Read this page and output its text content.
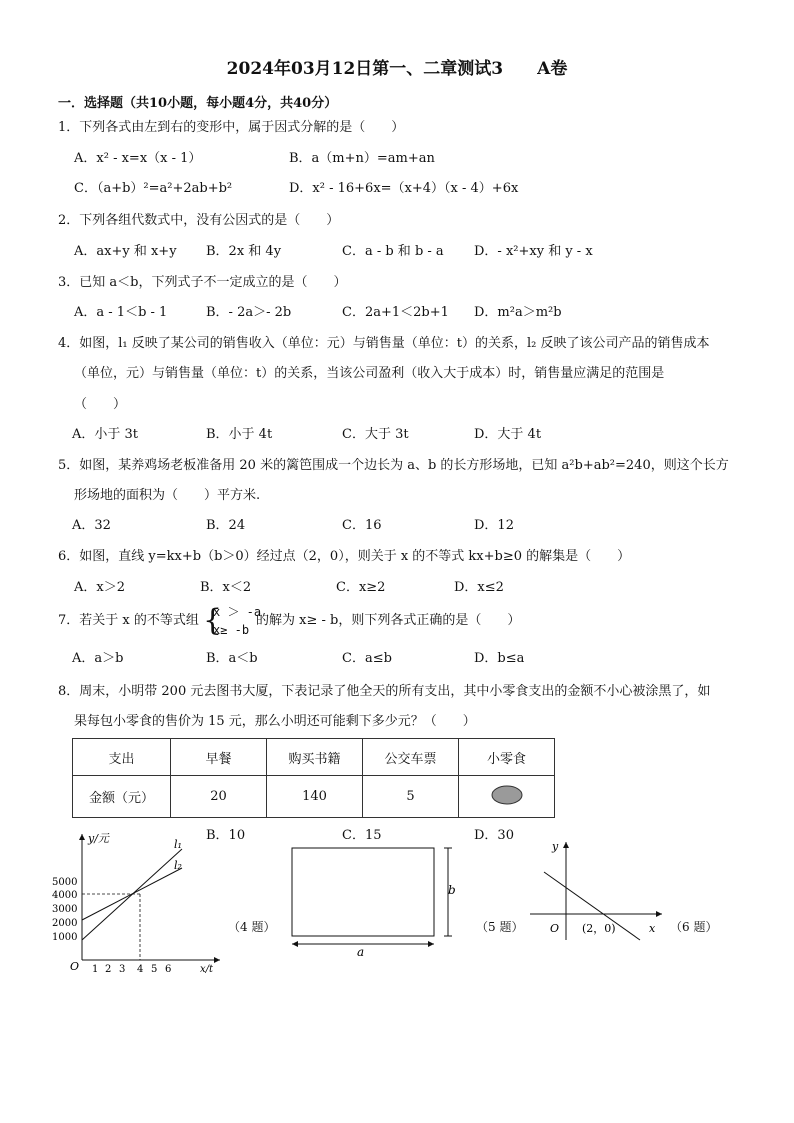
2024年03月12日第一、二章测试3　　A卷
一．选择题（共10小题，每小题4分，共40分）
1．下列各式由左到右的变形中，属于因式分解的是（　　）
A．x² - x=x（x - 1）	B．a（m+n）=am+an
C．（a+b）²=a²+2ab+b²	D．x² - 16+6x=（x+4）（x - 4）+6x
2．下列各组代数式中，没有公因式的是（　　）
A．ax+y 和 x+y B．2x 和 4y	C．a - b 和 b - a D．- x²+xy 和 y - x
3．已知 a＜b，下列式子不一定成立的是（　　）
A．a - 1＜b - 1	B．- 2a＞- 2b	C．2a+1＜2b+1 D．m²a＞m²b
4．如图，l₁ 反映了某公司的销售收入（单位：元）与销售量（单位：t）的关系，l₂ 反映了该公司产品的销售成本
（单位，元）与销售量（单位：t）的关系，当该公司盈利（收入大于成本）时，销售量应满足的范围是
（　　）
A．小于 3t	B．小于 4t	C．大于 3t	D．大于 4t
5．如图，某养鸡场老板准备用 20 米的篱笆围成一个边长为 a、b 的长方形场地，已知 a²b+ab²=240，则这个长方
形场地的面积为（　　）平方米.
A．32	B．24	C．16	D．12
6．如图，直线 y=kx+b（b＞0）经过点（2，0），则关于 x 的不等式 kx+b≥0 的解集是（　　）
A．x＞2	B．x＜2	C．x≥2	D．x≤2
7．若关于 x 的不等式组 {
x ＞ -a
x≥ -b
的解为 x≥ - b，则下列各式正确的是（　　）
A．a＞b	B．a＜b	C．a≤b	D．b≤a
8．周末，小明带 200 元去图书大厦，下表记录了他全天的所有支出，其中小零食支出的金额不小心被涂黑了，如
果每包小零食的售价为 15 元，那么小明还可能剩下多少元？（　　）
支出	早餐	购买书籍	公交车票	小零食
金额（元）	20	140	5	
B．10	C．15	D．30
y/元
x/t
O
l₁
l₂
5000
4000
3000
2000
1000
1 2 3 4 5 6
（4 题）
b
a
（5 题）
y
x
O (2，0)	（6 题）
